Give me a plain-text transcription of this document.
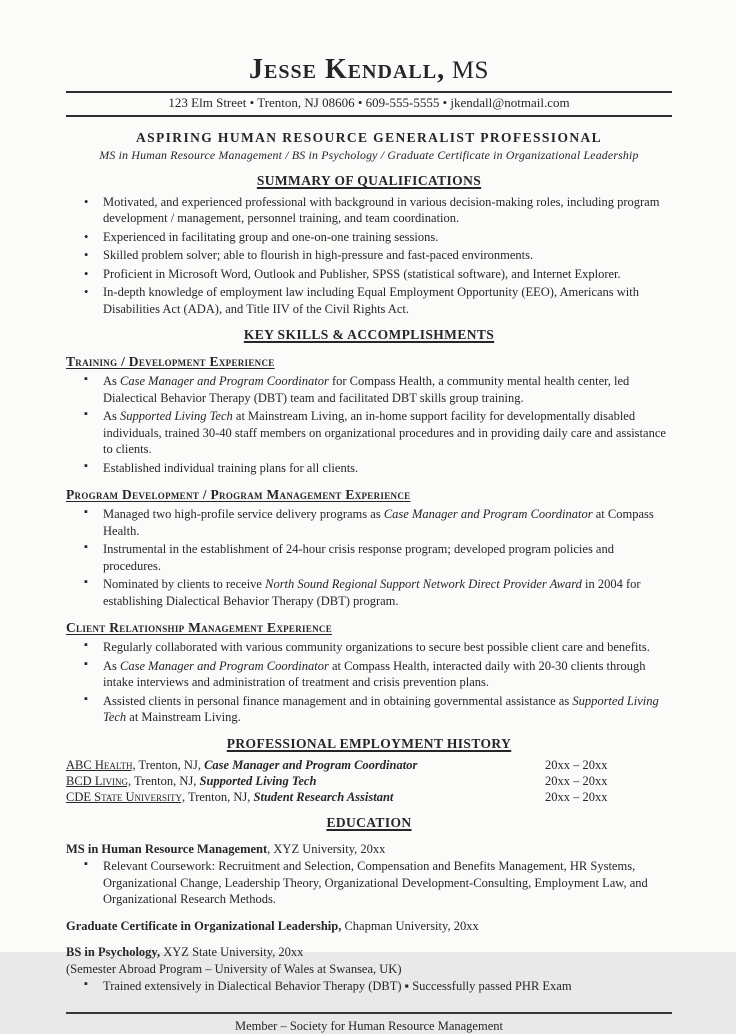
Jesse Kendall, MS
123 Elm Street • Trenton, NJ 08606 • 609-555-5555 • jkendall@notmail.com
ASPIRING HUMAN RESOURCE GENERALIST PROFESSIONAL
MS in Human Resource Management / BS in Psychology / Graduate Certificate in Organizational Leadership
SUMMARY OF QUALIFICATIONS
• Motivated, and experienced professional with background in various decision-making roles, including program development / management, personnel training, and team coordination.
• Experienced in facilitating group and one-on-one training sessions.
• Skilled problem solver; able to flourish in high-pressure and fast-paced environments.
• Proficient in Microsoft Word, Outlook and Publisher, SPSS (statistical software), and Internet Explorer.
• In-depth knowledge of employment law including Equal Employment Opportunity (EEO), Americans with Disabilities Act (ADA), and Title IIV of the Civil Rights Act.
KEY SKILLS & ACCOMPLISHMENTS
Training / Development Experience
▪ As Case Manager and Program Coordinator for Compass Health, a community mental health center, led Dialectical Behavior Therapy (DBT) team and facilitated DBT skills group training.
▪ As Supported Living Tech at Mainstream Living, an in-home support facility for developmentally disabled individuals, trained 30-40 staff members on organizational procedures and in providing daily care and assistance to clients.
▪ Established individual training plans for all clients.
Program Development / Program Management Experience
▪ Managed two high-profile service delivery programs as Case Manager and Program Coordinator at Compass Health.
▪ Instrumental in the establishment of 24-hour crisis response program; developed program policies and procedures.
▪ Nominated by clients to receive North Sound Regional Support Network Direct Provider Award in 2004 for establishing Dialectical Behavior Therapy (DBT) program.
Client Relationship Management Experience
▪ Regularly collaborated with various community organizations to secure best possible client care and benefits.
▪ As Case Manager and Program Coordinator at Compass Health, interacted daily with 20-30 clients through intake interviews and administration of treatment and crisis prevention plans.
▪ Assisted clients in personal finance management and in obtaining governmental assistance as Supported Living Tech at Mainstream Living.
PROFESSIONAL EMPLOYMENT HISTORY
ABC Health, Trenton, NJ, Case Manager and Program Coordinator	20xx – 20xx
BCD Living, Trenton, NJ, Supported Living Tech	20xx – 20xx
CDE State University, Trenton, NJ, Student Research Assistant	20xx – 20xx
EDUCATION
MS in Human Resource Management, XYZ University, 20xx
▪ Relevant Coursework: Recruitment and Selection, Compensation and Benefits Management, HR Systems, Organizational Change, Leadership Theory, Organizational Development-Consulting, Employment Law, and Organizational Research Methods.
Graduate Certificate in Organizational Leadership, Chapman University, 20xx
BS in Psychology, XYZ State University, 20xx
(Semester Abroad Program – University of Wales at Swansea, UK)
▪ Trained extensively in Dialectical Behavior Therapy (DBT) ▪ Successfully passed PHR Exam
Member – Society for Human Resource Management
